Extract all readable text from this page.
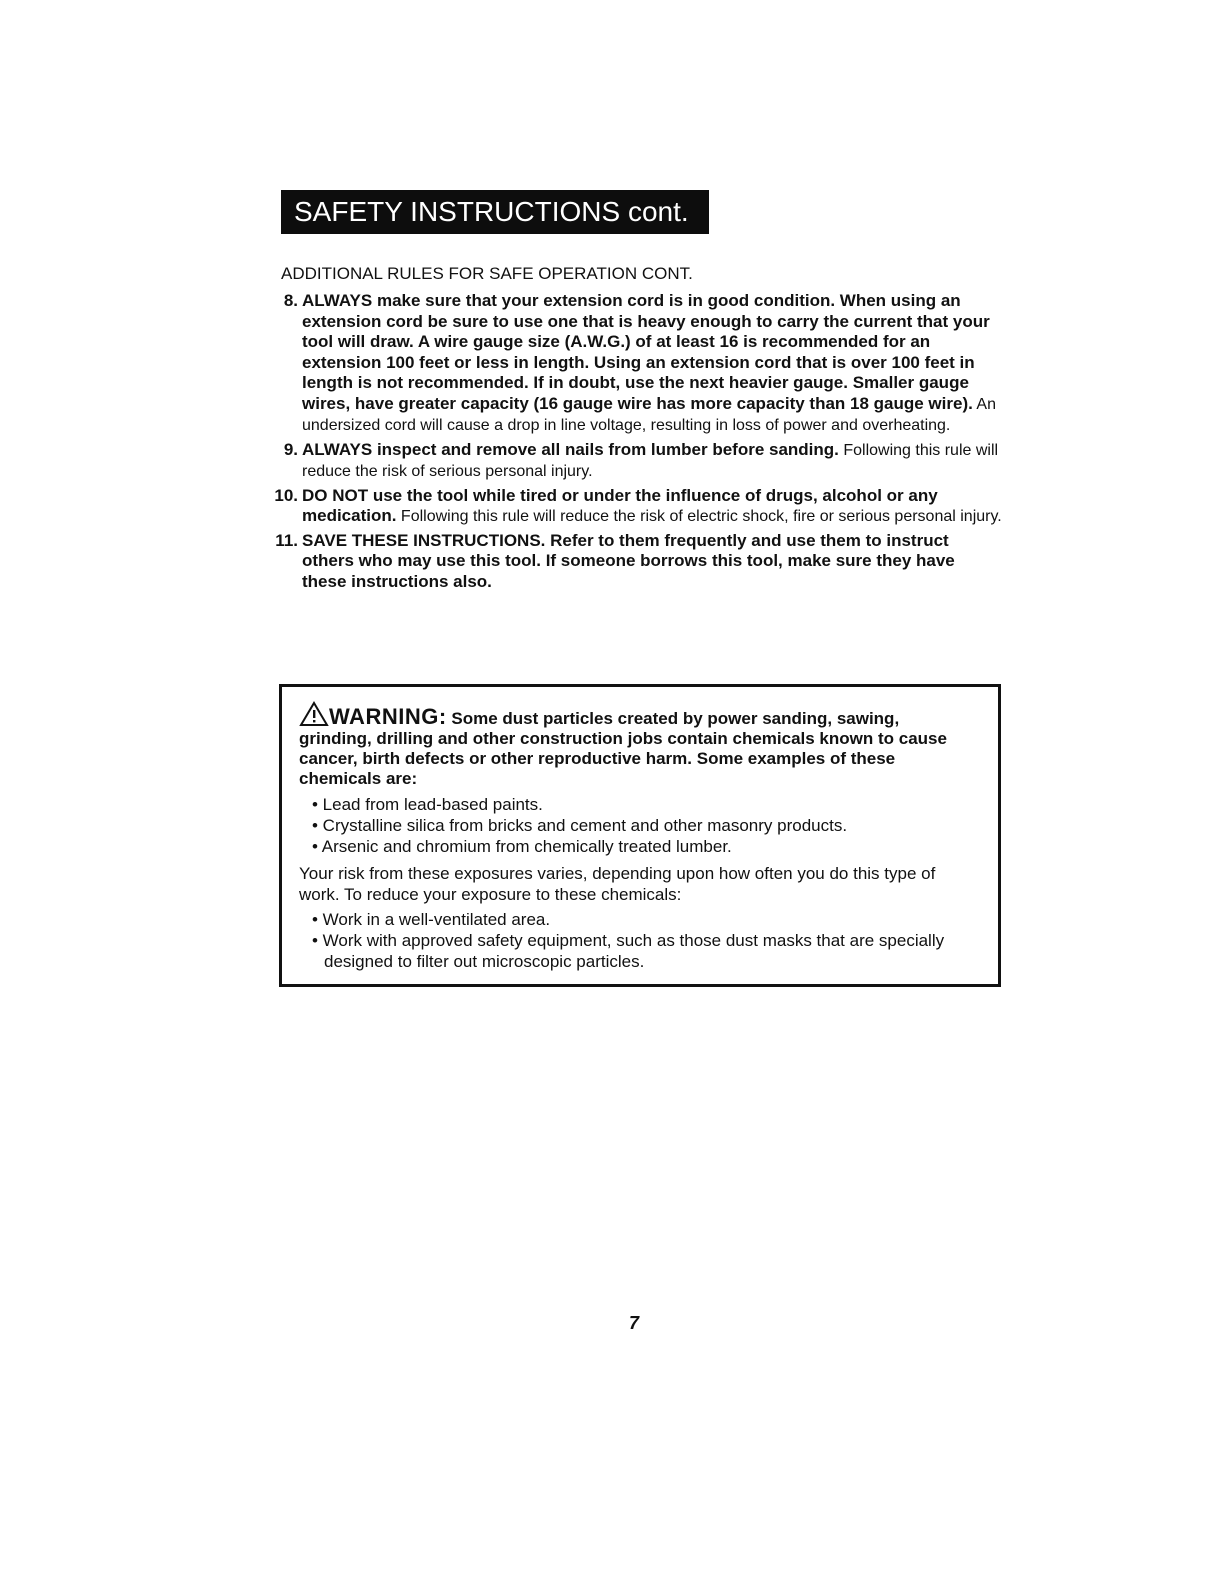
SAFETY INSTRUCTIONS cont.
ADDITIONAL RULES FOR SAFE OPERATION CONT.
8. ALWAYS make sure that your extension cord is in good condition. When using an extension cord be sure to use one that is heavy enough to carry the current that your tool will draw. A wire gauge size (A.W.G.) of at least 16 is recommended for an extension 100 feet or less in length. Using an extension cord that is over 100 feet in length is not recommended. If in doubt, use the next heavier gauge. Smaller gauge wires, have greater capacity (16 gauge wire has more capacity than 18 gauge wire). An undersized cord will cause a drop in line voltage, resulting in loss of power and overheating.
9. ALWAYS inspect and remove all nails from lumber before sanding. Following this rule will reduce the risk of serious personal injury.
10. DO NOT use the tool while tired or under the influence of drugs, alcohol or any medication. Following this rule will reduce the risk of electric shock, fire or serious personal injury.
11. SAVE THESE INSTRUCTIONS. Refer to them frequently and use them to instruct others who may use this tool. If someone borrows this tool, make sure they have these instructions also.
WARNING: Some dust particles created by power sanding, sawing, grinding, drilling and other construction jobs contain chemicals known to cause cancer, birth defects or other reproductive harm. Some examples of these chemicals are:
• Lead from lead-based paints.
• Crystalline silica from bricks and cement and other masonry products.
• Arsenic and chromium from chemically treated lumber.
Your risk from these exposures varies, depending upon how often you do this type of work. To reduce your exposure to these chemicals:
• Work in a well-ventilated area.
• Work with approved safety equipment, such as those dust masks that are specially designed to filter out microscopic particles.
7
